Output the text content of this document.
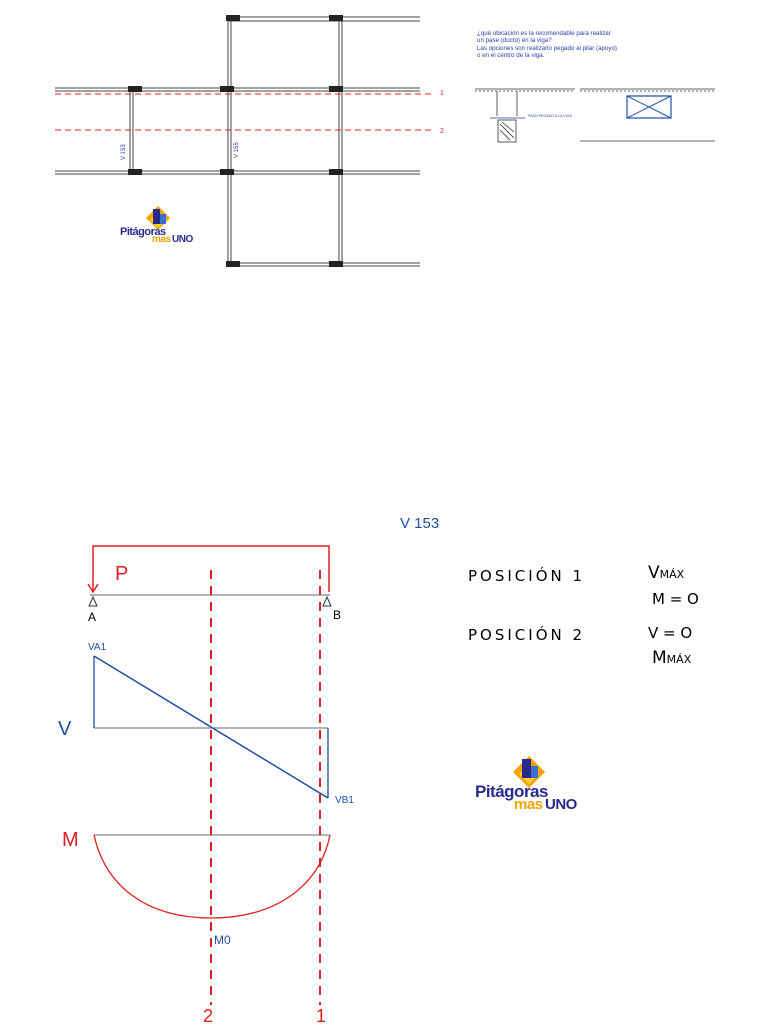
1
2
V 153	V 155
Pitágoras
mas UNO
¿qué ubicación es la recomendable para realizar
un pase (ducto) en la viga?
Las opciones son realizarlo pegado al pilar (apoyo)
o en el centro de la viga.
PASO PEGADO A LA VIGA
V 153
P
A	B
V
VA1
VB1
M
M0
2	1
POSICIÓN 1	VMÁX
M = O
POSICIÓN 2	V = O
MMÁX
Pitágoras
mas UNO
